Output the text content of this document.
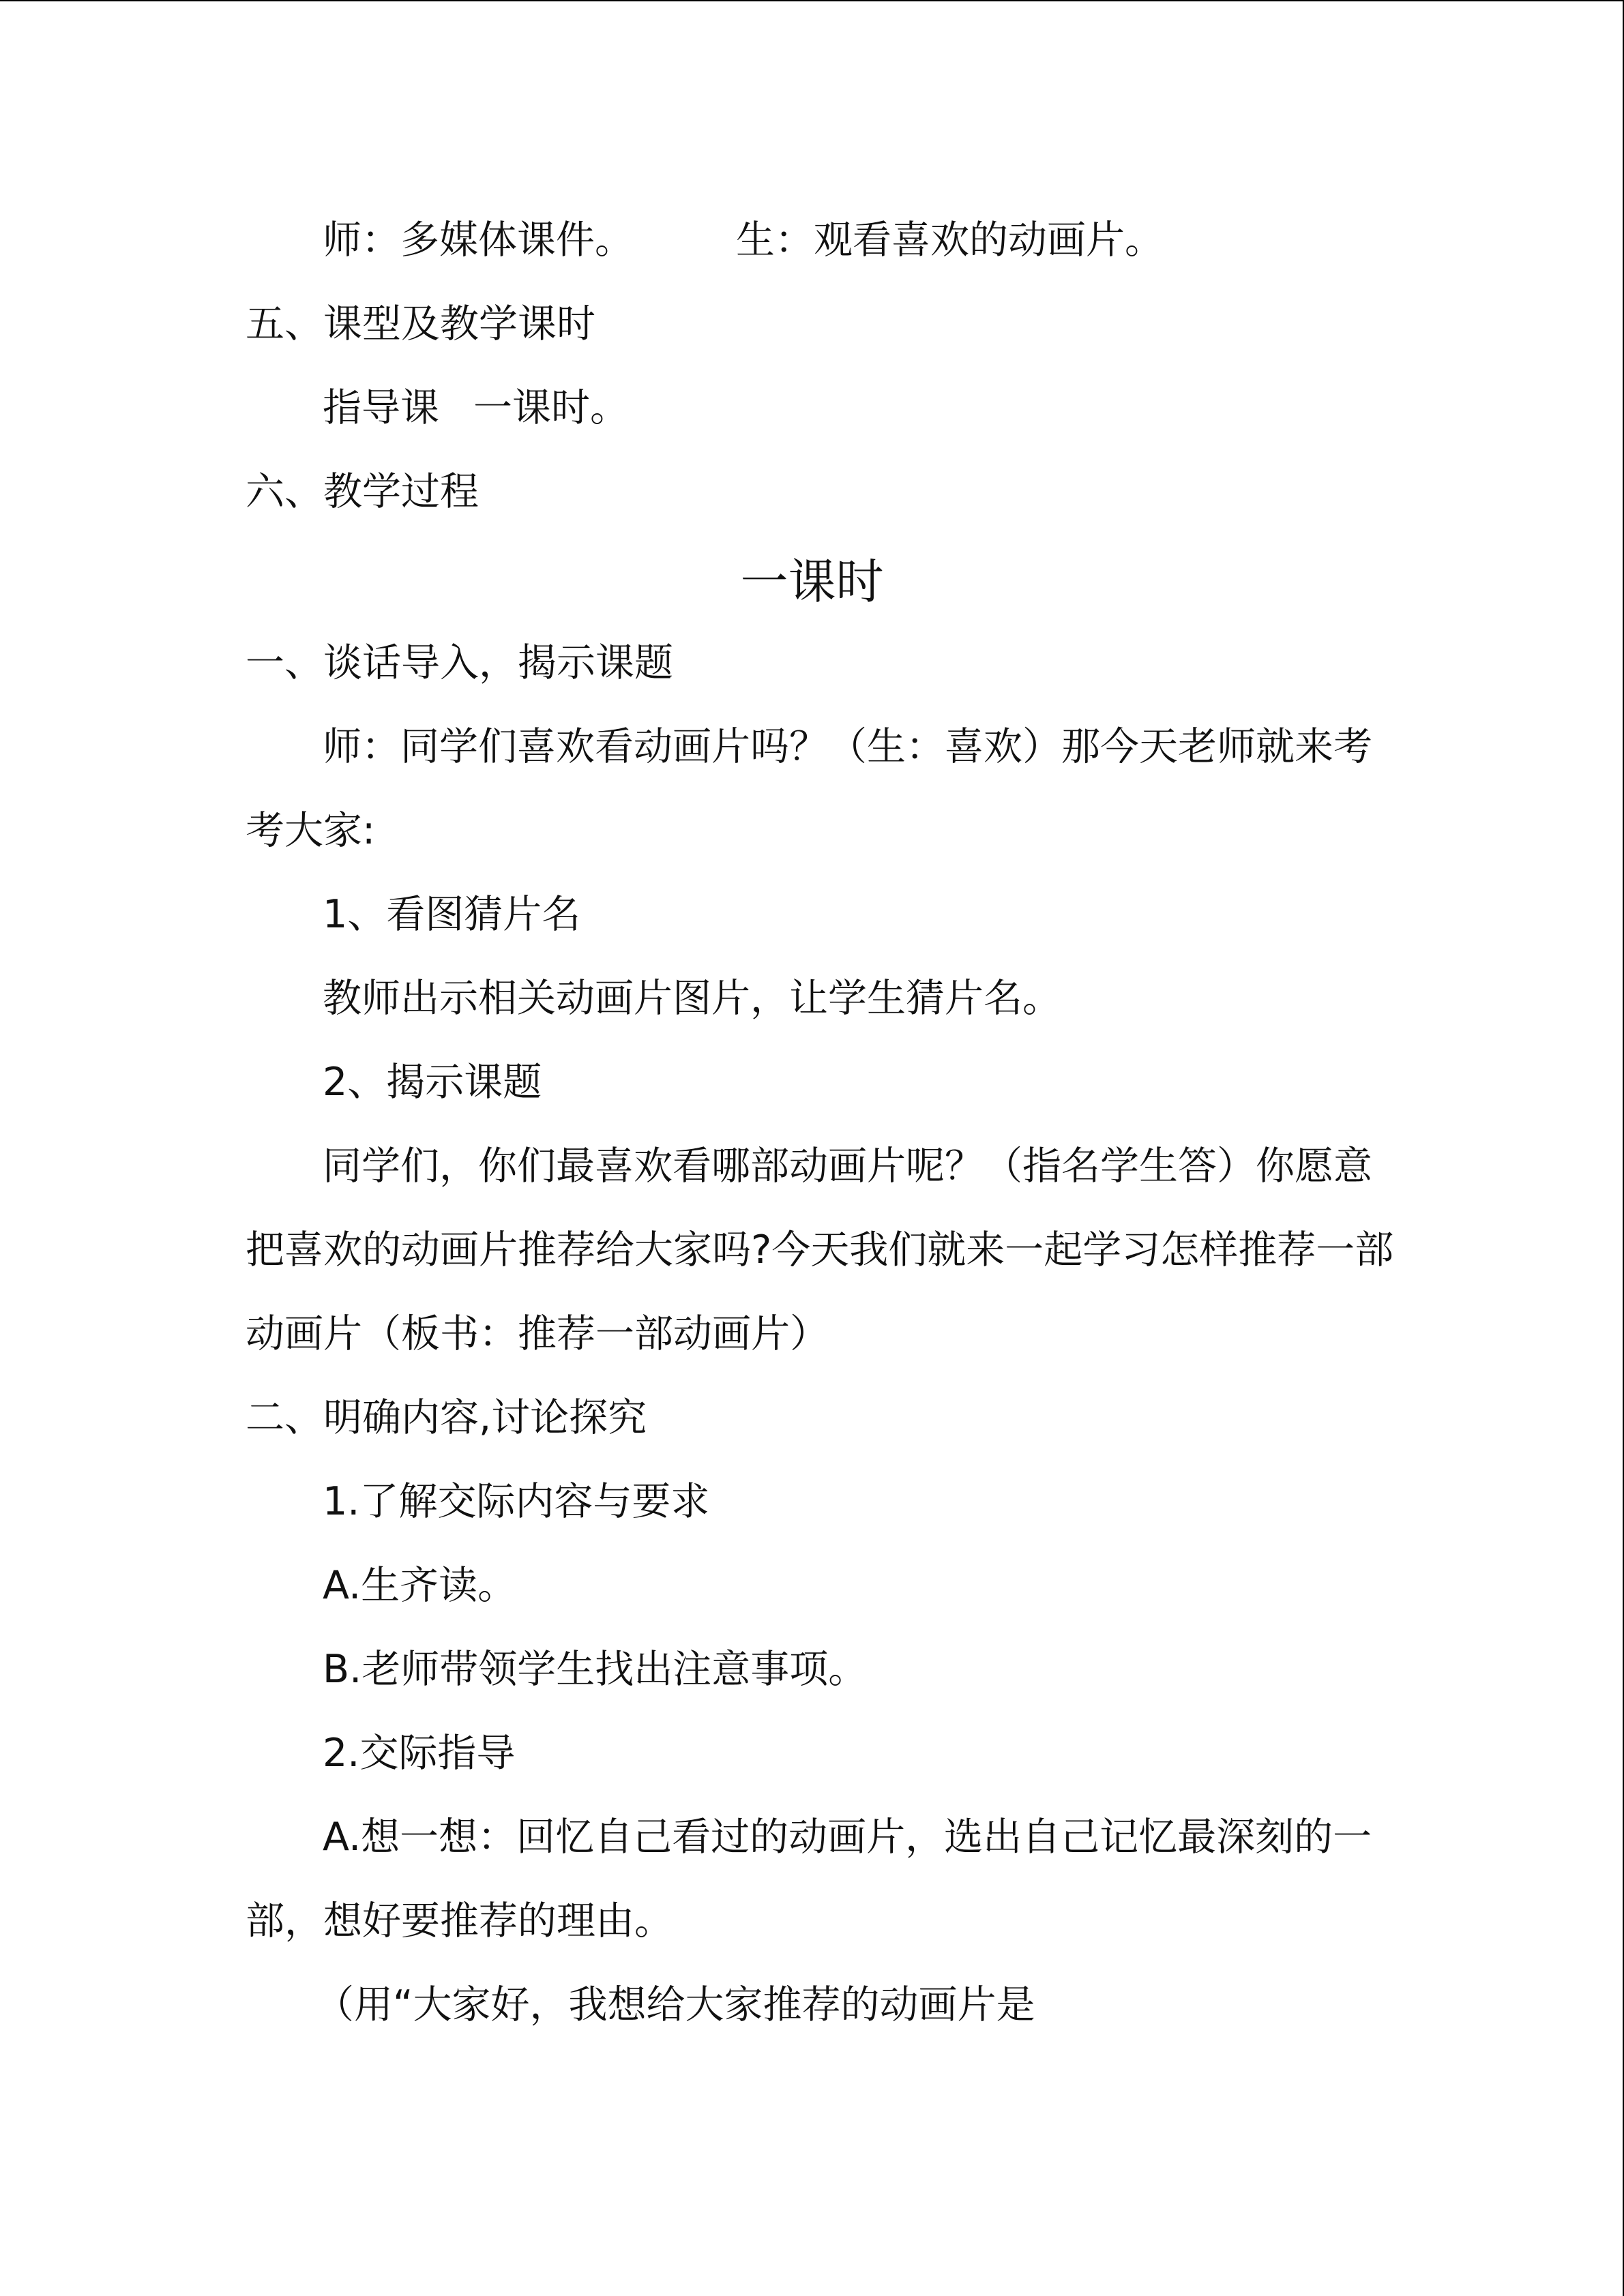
师：多媒体课件。	生：观看喜欢的动画片。

五、课型及教学课时

指导课 一课时。

六、教学过程

一课时

一、谈话导入，揭示课题

师：同学们喜欢看动画片吗？（生：喜欢）那今天老师就来考

考大家:

1、看图猜片名

教师出示相关动画片图片，让学生猜片名。

2、揭示课题

同学们，你们最喜欢看哪部动画片呢？（指名学生答）你愿意

把喜欢的动画片推荐给大家吗?今天我们就来一起学习怎样推荐一部

动画片（板书：推荐一部动画片）

二、明确内容,讨论探究

1.了解交际内容与要求

A.生齐读。

B.老师带领学生找出注意事项。

2.交际指导

A.想一想：回忆自己看过的动画片，选出自己记忆最深刻的一

部，想好要推荐的理由。

（用“大家好，我想给大家推荐的动画片是
